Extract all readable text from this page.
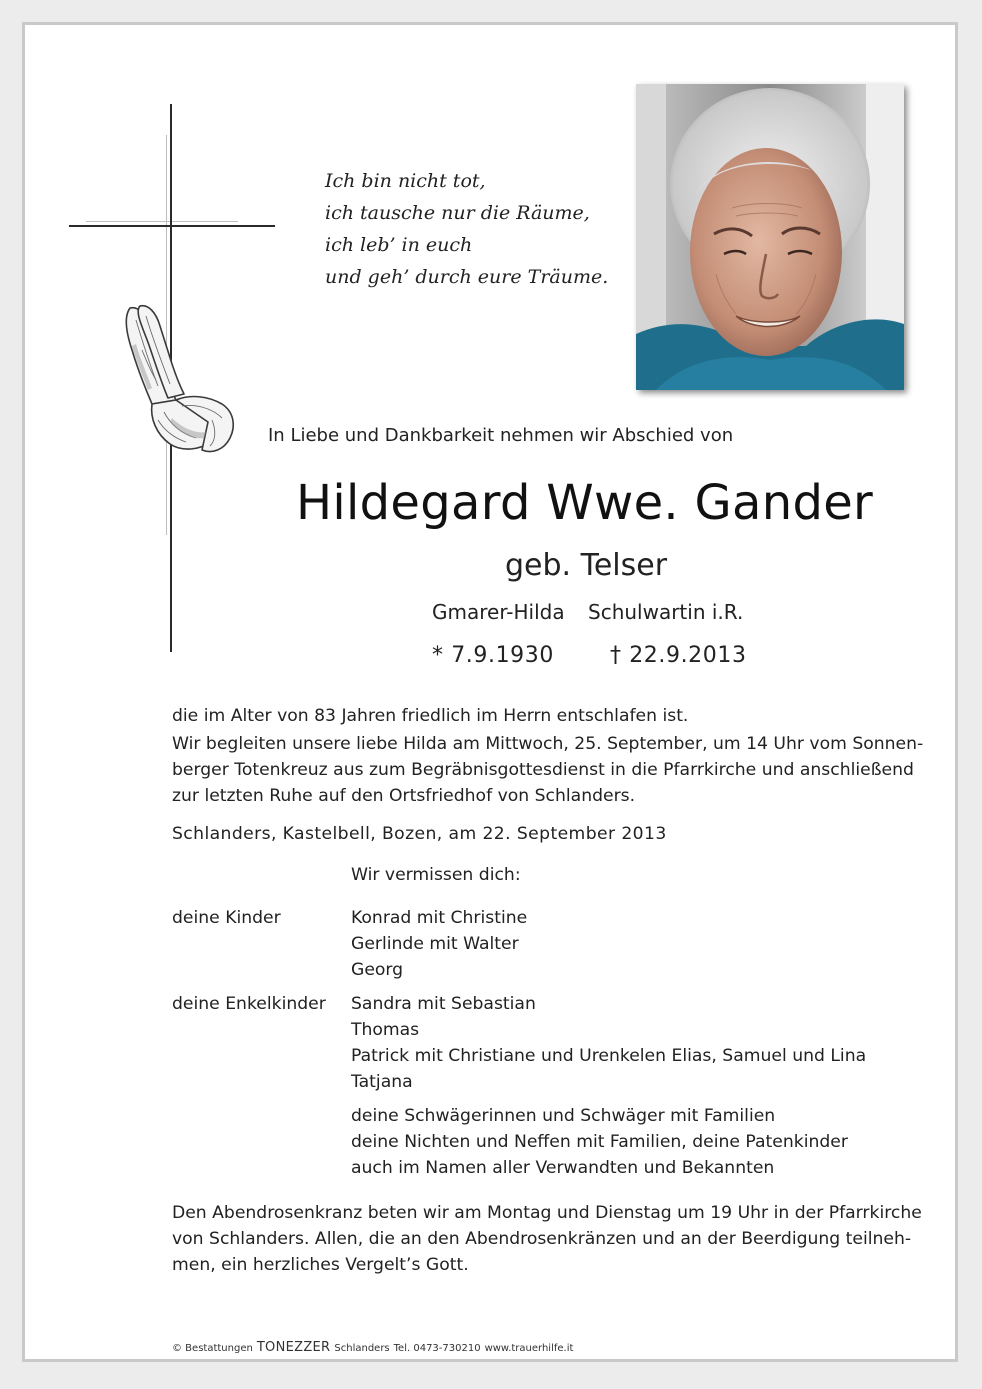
Ich bin nicht tot,
ich tausche nur die Räume,
ich leb’ in euch
und geh’ durch eure Träume.
In Liebe und Dankbarkeit nehmen wir Abschied von
Hildegard Wwe. Gander
geb. Telser
Gmarer-Hilda Schulwartin i.R.
* 7.9.1930	† 22.9.2013
die im Alter von 83 Jahren friedlich im Herrn entschlafen ist.
Wir begleiten unsere liebe Hilda am Mittwoch, 25. September, um 14 Uhr vom Sonnen-
berger Totenkreuz aus zum Begräbnisgottesdienst in die Pfarrkirche und anschließend
zur letzten Ruhe auf den Ortsfriedhof von Schlanders.
Schlanders, Kastelbell, Bozen, am 22. September 2013
Wir vermissen dich:
deine Kinder	Konrad mit Christine
Gerlinde mit Walter
Georg
deine Enkelkinder Sandra mit Sebastian
Thomas
Patrick mit Christiane und Urenkelen Elias, Samuel und Lina
Tatjana
deine Schwägerinnen und Schwäger mit Familien
deine Nichten und Neffen mit Familien, deine Patenkinder
auch im Namen aller Verwandten und Bekannten
Den Abendrosenkranz beten wir am Montag und Dienstag um 19 Uhr in der Pfarrkirche
von Schlanders. Allen, die an den Abendrosenkränzen und an der Beerdigung teilneh-
men, ein herzliches Vergelt’s Gott.
© Bestattungen TONEZZER Schlanders Tel. 0473-730210 www.trauerhilfe.it
